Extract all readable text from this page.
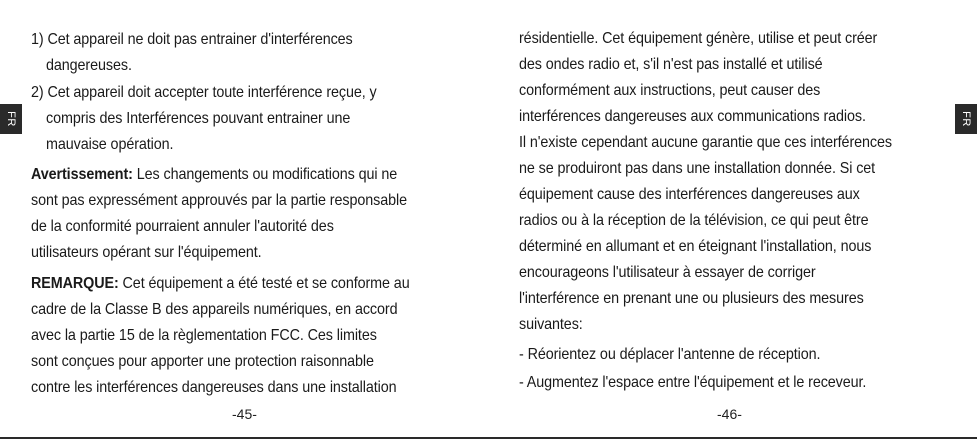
FR
1) Cet appareil ne doit pas entrainer d'interférences
dangereuses.
2) Cet appareil doit accepter toute interférence reçue, y
compris des Interférences pouvant entrainer une
mauvaise opération.
Avertissement: Les changements ou modifications qui ne
sont pas expressément approuvés par la partie responsable
de la conformité pourraient annuler l'autorité des
utilisateurs opérant sur l'équipement.
REMARQUE: Cet équipement a été testé et se conforme au
cadre de la Classe B des appareils numériques, en accord
avec la partie 15 de la règlementation FCC. Ces limites
sont conçues pour apporter une protection raisonnable
contre les interférences dangereuses dans une installation
-45-
résidentielle. Cet équipement génère, utilise et peut créer
des ondes radio et, s'il n'est pas installé et utilisé
conformément aux instructions, peut causer des
interférences dangereuses aux communications radios.
Il n'existe cependant aucune garantie que ces interférences
ne se produiront pas dans une installation donnée. Si cet
équipement cause des interférences dangereuses aux
radios ou à la réception de la télévision, ce qui peut être
déterminé en allumant et en éteignant l'installation, nous
encourageons l'utilisateur à essayer de corriger
l'interférence en prenant une ou plusieurs des mesures
suivantes:
- Réorientez ou déplacer l'antenne de réception.
- Augmentez l'espace entre l'équipement et le receveur.
FR
-46-
